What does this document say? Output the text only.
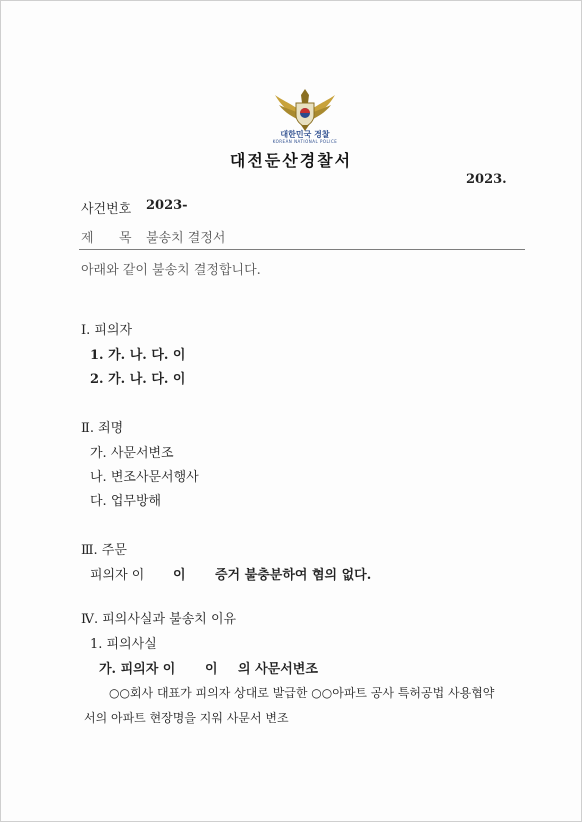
대한민국 경찰
KOREAN NATIONAL POLICE
대전둔산경찰서
2023.
사건번호 2023-
제 목 불송치 결정서
아래와 같이 불송치 결정합니다.
Ⅰ. 피의자
1. 가. 나. 다. 이
2. 가. 나. 다. 이
Ⅱ. 죄명
가. 사문서변조
나. 변조사문서행사
다. 업무방해
Ⅲ. 주문
피의자 이 이 증거 불충분하여 혐의 없다.
Ⅳ. 피의사실과 불송치 이유
1. 피의사실
가. 피의자 이 이 의 사문서변조
○○회사 대표가 피의자 상대로 발급한 ○○아파트 공사 특허공법 사용협약
서의 아파트 현장명을 지워 사문서 변조
